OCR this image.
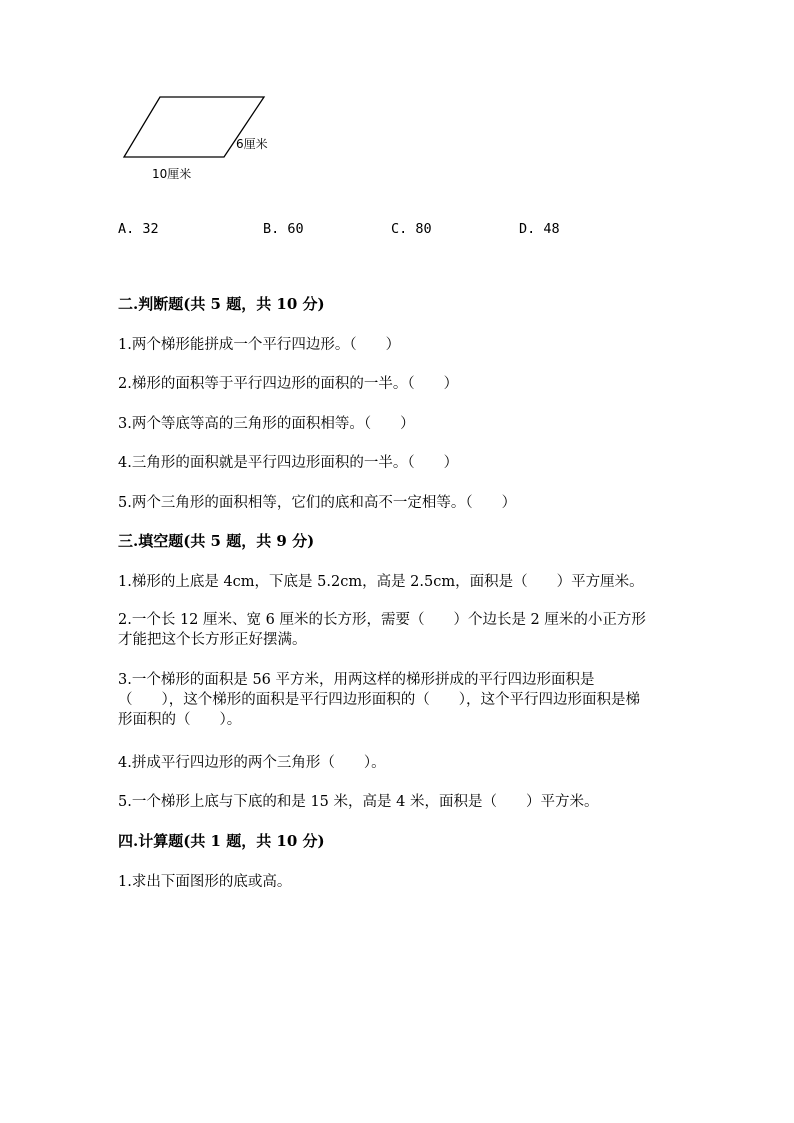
6厘米
10厘米
A. 32	B. 60	C. 80	D. 48
二.判断题(共 5 题，共 10 分)
1.两个梯形能拼成一个平行四边形。（　　）
2.梯形的面积等于平行四边形的面积的一半。（　　）
3.两个等底等高的三角形的面积相等。（　　）
4.三角形的面积就是平行四边形面积的一半。（　　）
5.两个三角形的面积相等，它们的底和高不一定相等。（　　）
三.填空题(共 5 题，共 9 分)
1.梯形的上底是 4cm，下底是 5.2cm，高是 2.5cm，面积是（　　）平方厘米。
2.一个长 12 厘米、宽 6 厘米的长方形，需要（　　）个边长是 2 厘米的小正方形才能把这个长方形正好摆满。
3.一个梯形的面积是 56 平方米，用两这样的梯形拼成的平行四边形面积是（　　），这个梯形的面积是平行四边形面积的（　　），这个平行四边形面积是梯形面积的（　　）。
4.拼成平行四边形的两个三角形（　　）。
5.一个梯形上底与下底的和是 15 米，高是 4 米，面积是（　　）平方米。
四.计算题(共 1 题，共 10 分)
1.求出下面图形的底或高。
